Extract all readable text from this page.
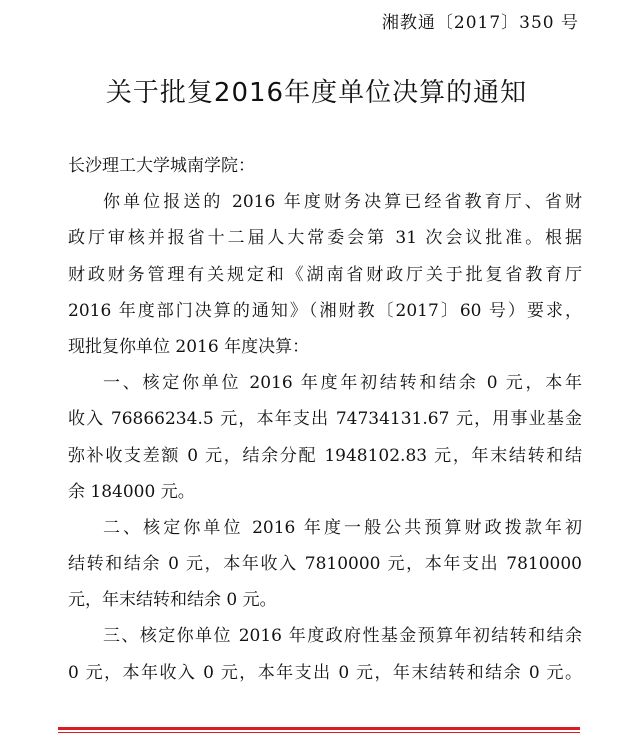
湘教通〔2017〕350 号
关于批复2016年度单位决算的通知
长沙理工大学城南学院：
你单位报送的 2016 年度财务决算已经省教育厅、省财
政厅审核并报省十二届人大常委会第 31 次会议批准。根据
财政财务管理有关规定和《湖南省财政厅关于批复省教育厅
2016 年度部门决算的通知》（湘财教〔2017〕60 号）要求，
现批复你单位 2016 年度决算：
一、核定你单位 2016 年度年初结转和结余 0 元，本年
收入 76866234.5 元，本年支出 74734131.67 元，用事业基金
弥补收支差额 0 元，结余分配 1948102.83 元，年末结转和结
余 184000 元。
二、核定你单位 2016 年度一般公共预算财政拨款年初
结转和结余 0 元，本年收入 7810000 元，本年支出 7810000
元，年末结转和结余 0 元。
三、核定你单位 2016 年度政府性基金预算年初结转和结余
0 元，本年收入 0 元，本年支出 0 元，年末结转和结余 0 元。
